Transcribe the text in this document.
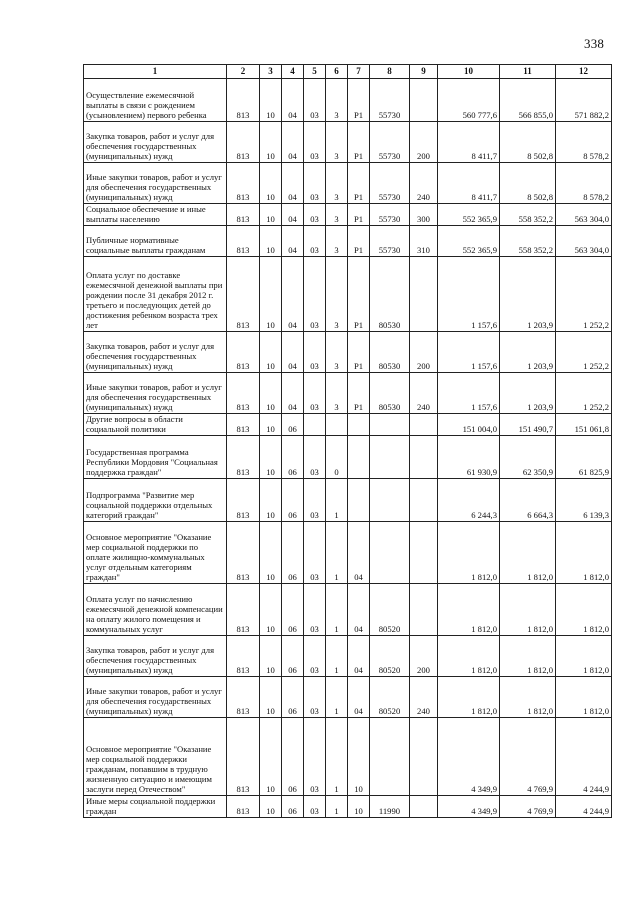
338
1	2	3	4	5	6	7	8	9	10	11	12
Осуществление ежемесячной выплаты в связи с рождением (усыновлением) первого ребенка	813	10	04	03	3	P1	55730		560 777,6	566 855,0	571 882,2
Закупка товаров, работ и услуг для обеспечения государственных (муниципальных) нужд	813	10	04	03	3	P1	55730	200	8 411,7	8 502,8	8 578,2
Иные закупки товаров, работ и услуг для обеспечения государственных (муниципальных) нужд	813	10	04	03	3	P1	55730	240	8 411,7	8 502,8	8 578,2
Социальное обеспечение и иные выплаты населению	813	10	04	03	3	P1	55730	300	552 365,9	558 352,2	563 304,0
Публичные нормативные социальные выплаты гражданам	813	10	04	03	3	P1	55730	310	552 365,9	558 352,2	563 304,0
Оплата услуг по доставке ежемесячной денежной выплаты при рождении после 31 декабря 2012 г. третьего и последующих детей до достижения ребенком возраста трех лет	813	10	04	03	3	P1	80530		1 157,6	1 203,9	1 252,2
Закупка товаров, работ и услуг для обеспечения государственных (муниципальных) нужд	813	10	04	03	3	P1	80530	200	1 157,6	1 203,9	1 252,2
Иные закупки товаров, работ и услуг для обеспечения государственных (муниципальных) нужд	813	10	04	03	3	P1	80530	240	1 157,6	1 203,9	1 252,2
Другие вопросы в области социальной политики	813	10	06						151 004,0	151 490,7	151 061,8
Государственная программа Республики Мордовия "Социальная поддержка граждан"	813	10	06	03	0				61 930,9	62 350,9	61 825,9
Подпрограмма "Развитие мер социальной поддержки отдельных категорий граждан"	813	10	06	03	1				6 244,3	6 664,3	6 139,3
Основное мероприятие "Оказание мер социальной поддержки по оплате жилищно-коммунальных услуг отдельным категориям граждан"	813	10	06	03	1	04			1 812,0	1 812,0	1 812,0
Оплата услуг по начислению ежемесячной денежной компенсации на оплату жилого помещения и коммунальных услуг	813	10	06	03	1	04	80520		1 812,0	1 812,0	1 812,0
Закупка товаров, работ и услуг для обеспечения государственных (муниципальных) нужд	813	10	06	03	1	04	80520	200	1 812,0	1 812,0	1 812,0
Иные закупки товаров, работ и услуг для обеспечения государственных (муниципальных) нужд	813	10	06	03	1	04	80520	240	1 812,0	1 812,0	1 812,0
Основное мероприятие "Оказание мер социальной поддержки гражданам, попавшим в трудную жизненную ситуацию и имеющим заслуги перед Отечеством"	813	10	06	03	1	10			4 349,9	4 769,9	4 244,9
Иные меры социальной поддержки граждан	813	10	06	03	1	10	11990		4 349,9	4 769,9	4 244,9
